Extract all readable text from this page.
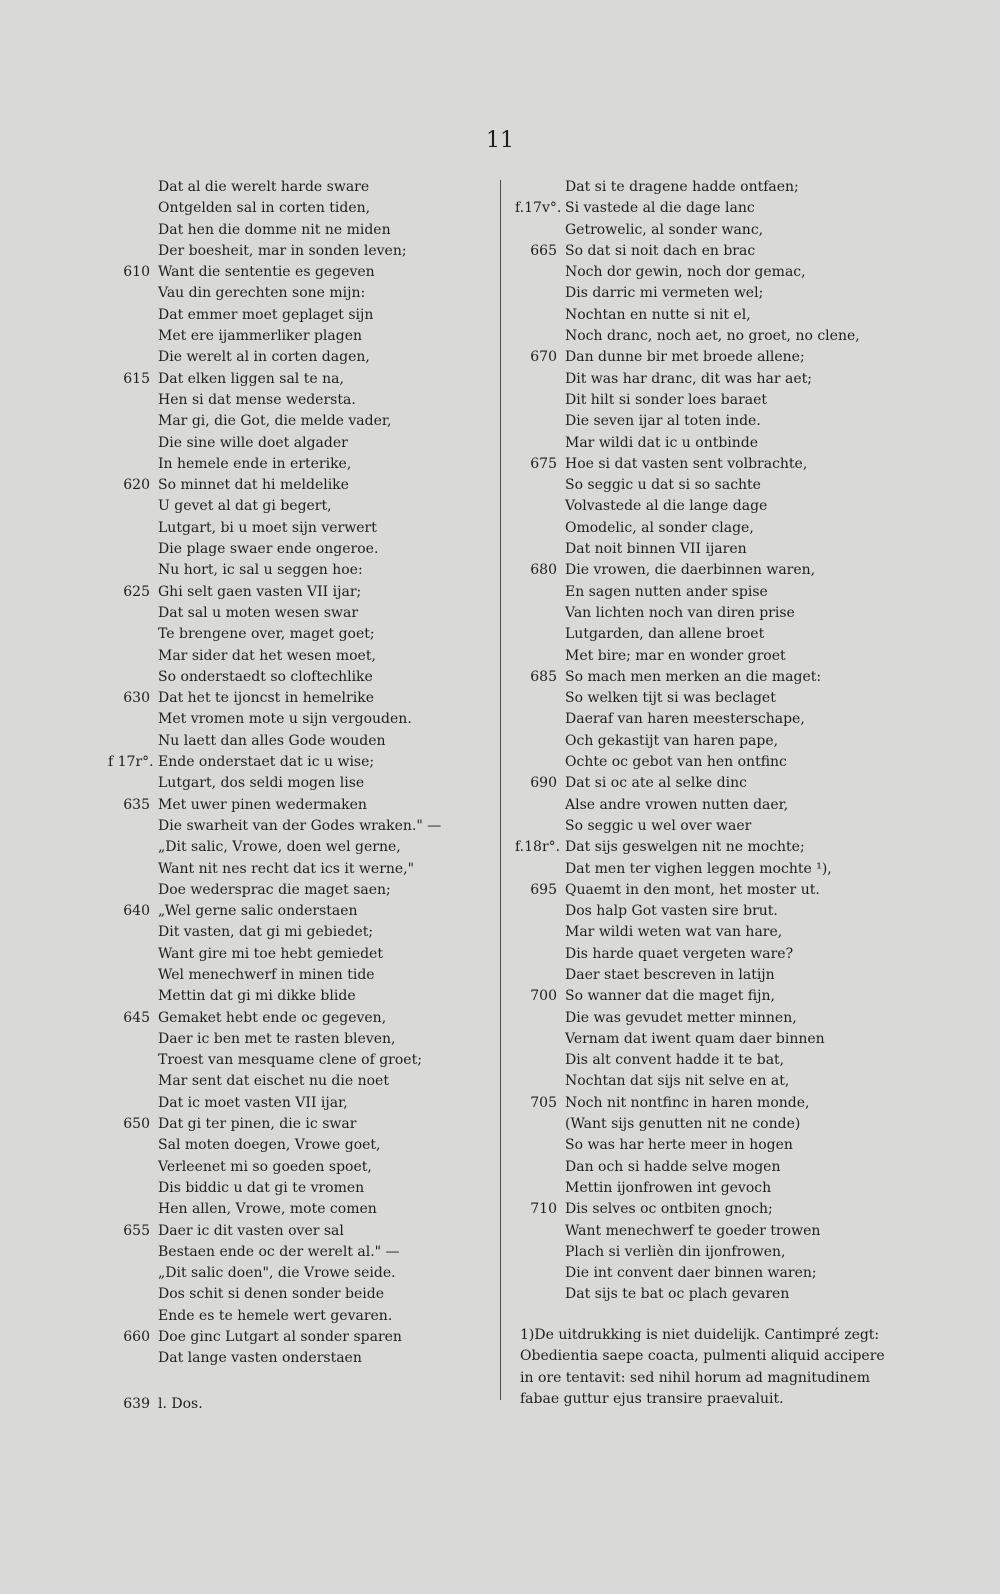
11
Dat al die werelt harde sware
Ontgelden sal in corten tiden,
Dat hen die domme nit ne miden
Der boesheit, mar in sonden leven;
610 Want die sententie es gegeven
Vau din gerechten sone mijn:
Dat emmer moet geplaget sijn
Met ere ijammerliker plagen
Die werelt al in corten dagen,
615 Dat elken liggen sal te na,
Hen si dat mense wedersta.
Mar gi, die Got, die melde vader,
Die sine wille doet algader
In hemele ende in erterike,
620 So minnet dat hi meldelike
U gevet al dat gi begert,
Lutgart, bi u moet sijn verwert
Die plage swaer ende ongeroe.
Nu hort, ic sal u seggen hoe:
625 Ghi selt gaen vasten VII ijar;
Dat sal u moten wesen swar
Te brengene over, maget goet;
Mar sider dat het wesen moet,
So onderstaedt so cloftechlike
630 Dat het te ijoncst in hemelrike
Met vromen mote u sijn vergouden.
Nu laett dan alles Gode wouden
f 17r°. Ende onderstaet dat ic u wise;
Lutgart, dos seldi mogen lise
635 Met uwer pinen wedermaken
Die swarheit van der Godes wraken." —
„Dit salic, Vrowe, doen wel gerne,
Want nit nes recht dat ics it werne,"
Doe wedersprac die maget saen;
640 „Wel gerne salic onderstaen
Dit vasten, dat gi mi gebiedet;
Want gire mi toe hebt gemiedet
Wel menechwerf in minen tide
Mettin dat gi mi dikke blide
645 Gemaket hebt ende oc gegeven,
Daer ic ben met te rasten bleven,
Troest van mesquame clene of groet;
Mar sent dat eischet nu die noet
Dat ic moet vasten VII ijar,
650 Dat gi ter pinen, die ic swar
Sal moten doegen, Vrowe goet,
Verleenet mi so goeden spoet,
Dis biddic u dat gi te vromen
Hen allen, Vrowe, mote comen
655 Daer ic dit vasten over sal
Bestaen ende oc der werelt al." —
„Dit salic doen", die Vrowe seide.
Dos schit si denen sonder beide
Ende es te hemele wert gevaren.
660 Doe ginc Lutgart al sonder sparen
Dat lange vasten onderstaen
Dat si te dragene hadde ontfaen;
f.17v°. Si vastede al die dage lanc
Getrowelic, al sonder wanc,
665 So dat si noit dach en brac
Noch dor gewin, noch dor gemac,
Dis darric mi vermeten wel;
Nochtan en nutte si nit el,
Noch dranc, noch aet, no groet, no clene,
670 Dan dunne bir met broede allene;
Dit was har dranc, dit was har aet;
Dit hilt si sonder loes baraet
Die seven ijar al toten inde.
Mar wildi dat ic u ontbinde
675 Hoe si dat vasten sent volbrachte,
So seggic u dat si so sachte
Volvastede al die lange dage
Omodelic, al sonder clage,
Dat noit binnen VII ijaren
680 Die vrowen, die daerbinnen waren,
En sagen nutten ander spise
Van lichten noch van diren prise
Lutgarden, dan allene broet
Met bire; mar en wonder groet
685 So mach men merken an die maget:
So welken tijt si was beclaget
Daeraf van haren meesterschape,
Och gekastijt van haren pape,
Ochte oc gebot van hen ontfinc
690 Dat si oc ate al selke dinc
Alse andre vrowen nutten daer,
So seggic u wel over waer
f.18r°. Dat sijs geswelgen nit ne mochte;
Dat men ter vighen leggen mochte ¹),
695 Quaemt in den mont, het moster ut.
Dos halp Got vasten sire brut.
Mar wildi weten wat van hare,
Dis harde quaet vergeten ware?
Daer staet bescreven in latijn
700 So wanner dat die maget fijn,
Die was gevudet metter minnen,
Vernam dat iwent quam daer binnen
Dis alt convent hadde it te bat,
Nochtan dat sijs nit selve en at,
705 Noch nit nontfinc in haren monde,
(Want sijs genutten nit ne conde)
So was har herte meer in hogen
Dan och si hadde selve mogen
Mettin ijonfrowen int gevoch
710 Dis selves oc ontbiten gnoch;
Want menechwerf te goeder trowen
Plach si verlièn din ijonfrowen,
Die int convent daer binnen waren;
Dat sijs te bat oc plach gevaren
1)De uitdrukking is niet duidelijk. Cantimpré zegt:
Obedientia saepe coacta, pulmenti aliquid accipere
in ore tentavit: sed nihil horum ad magnitudinem
fabae guttur ejus transire praevaluit.
639 l. Dos.
